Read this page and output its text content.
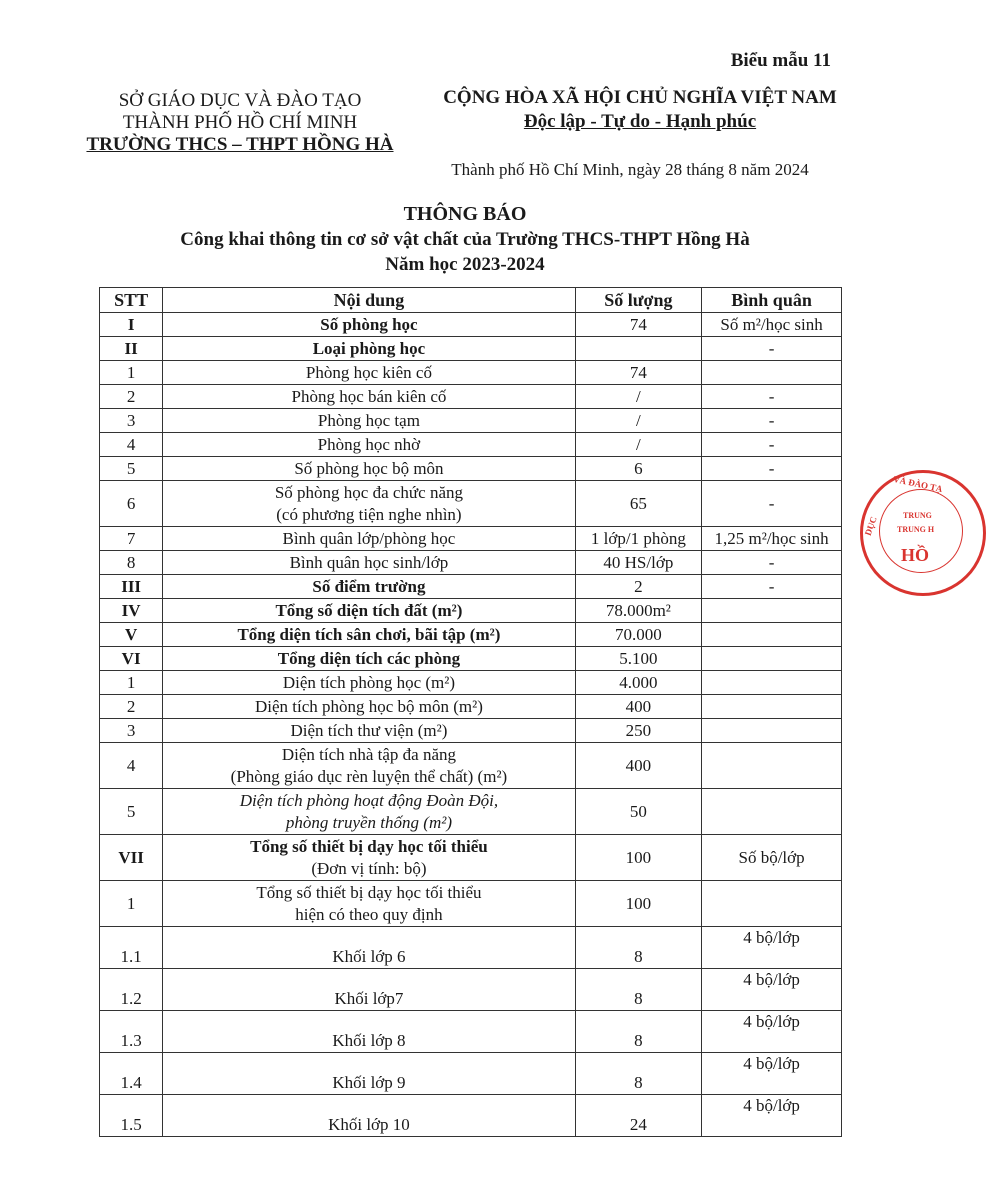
Biểu mẫu 11
SỞ GIÁO DỤC VÀ ĐÀO TẠO
THÀNH PHỐ HỒ CHÍ MINH
TRƯỜNG THCS – THPT HỒNG HÀ
CỘNG HÒA XÃ HỘI CHỦ NGHĨA VIỆT NAM
Độc lập - Tự do - Hạnh phúc
Thành phố Hồ Chí Minh, ngày 28 tháng 8 năm 2024
THÔNG BÁO
Công khai thông tin cơ sở vật chất của Trường THCS-THPT Hồng Hà
Năm học 2023-2024
STT	Nội dung	Số lượng	Bình quân
I	Số phòng học	74	Số m²/học sinh
II	Loại phòng học		-
1	Phòng học kiên cố	74	
2	Phòng học bán kiên cố	/	-
3	Phòng học tạm	/	-
4	Phòng học nhờ	/	-
5	Số phòng học bộ môn	6	-
6	Số phòng học đa chức năng
(có phương tiện nghe nhìn)	65	-
7	Bình quân lớp/phòng học	1 lớp/1 phòng	1,25 m²/học sinh
8	Bình quân học sinh/lớp	40 HS/lớp	-
III	Số điểm trường	2	-
IV	Tổng số diện tích đất (m²)	78.000m²	
V	Tổng diện tích sân chơi, bãi tập (m²)	70.000	
VI	Tổng diện tích các phòng	5.100	
1	Diện tích phòng học (m²)	4.000	
2	Diện tích phòng học bộ môn (m²)	400	
3	Diện tích thư viện (m²)	250	
4	Diện tích nhà tập đa năng
(Phòng giáo dục rèn luyện thể chất) (m²)	400	
5	Diện tích phòng hoạt động Đoàn Đội,
phòng truyền thống (m²)	50	
VII	Tổng số thiết bị dạy học tối thiểu
(Đơn vị tính: bộ)	100	Số bộ/lớp
1	Tổng số thiết bị dạy học tối thiểu
hiện có theo quy định	100	
1.1	Khối lớp 6	8	4 bộ/lớp
1.2	Khối lớp7	8	4 bộ/lớp
1.3	Khối lớp 8	8	4 bộ/lớp
1.4	Khối lớp 9	8	4 bộ/lớp
1.5	Khối lớp 10	24	4 bộ/lớp
VÀ ĐÀO TẠ
DỤC	TRUNG
TRUNG H
HỒ
